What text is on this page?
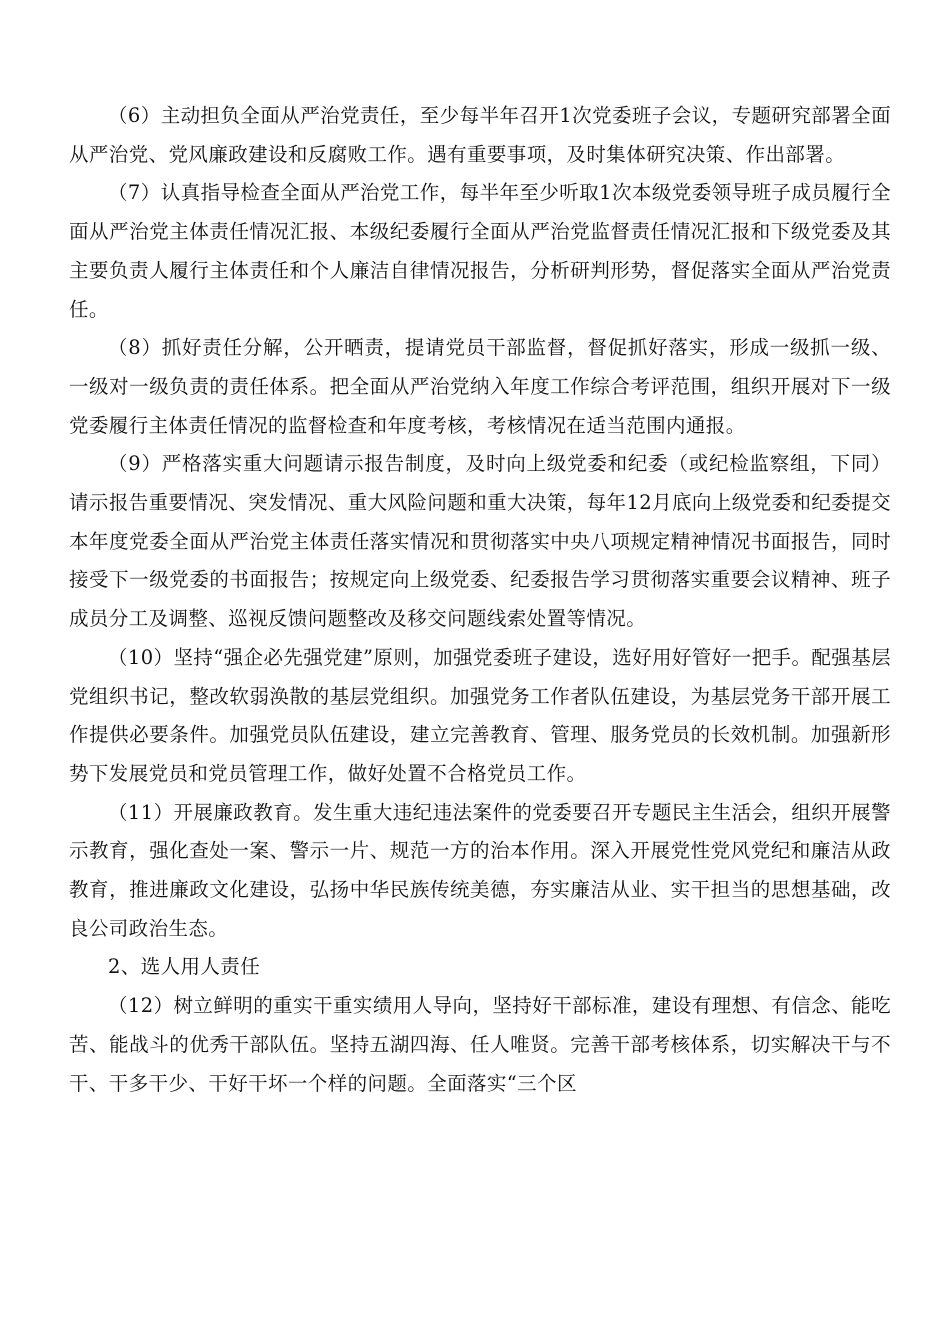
（6）主动担负全面从严治党责任，至少每半年召开1次党委班子会议，专题研究部署全面从严治党、党风廉政建设和反腐败工作。遇有重要事项，及时集体研究决策、作出部署。

（7）认真指导检查全面从严治党工作，每半年至少听取1次本级党委领导班子成员履行全面从严治党主体责任情况汇报、本级纪委履行全面从严治党监督责任情况汇报和下级党委及其主要负责人履行主体责任和个人廉洁自律情况报告，分析研判形势，督促落实全面从严治党责任。

（8）抓好责任分解，公开晒责，提请党员干部监督，督促抓好落实，形成一级抓一级、一级对一级负责的责任体系。把全面从严治党纳入年度工作综合考评范围，组织开展对下一级党委履行主体责任情况的监督检查和年度考核，考核情况在适当范围内通报。

（9）严格落实重大问题请示报告制度，及时向上级党委和纪委（或纪检监察组，下同）请示报告重要情况、突发情况、重大风险问题和重大决策，每年12月底向上级党委和纪委提交本年度党委全面从严治党主体责任落实情况和贯彻落实中央八项规定精神情况书面报告，同时接受下一级党委的书面报告；按规定向上级党委、纪委报告学习贯彻落实重要会议精神、班子成员分工及调整、巡视反馈问题整改及移交问题线索处置等情况。

（10）坚持“强企必先强党建”原则，加强党委班子建设，选好用好管好一把手。配强基层党组织书记，整改软弱涣散的基层党组织。加强党务工作者队伍建设，为基层党务干部开展工作提供必要条件。加强党员队伍建设，建立完善教育、管理、服务党员的长效机制。加强新形势下发展党员和党员管理工作，做好处置不合格党员工作。

（11）开展廉政教育。发生重大违纪违法案件的党委要召开专题民主生活会，组织开展警示教育，强化查处一案、警示一片、规范一方的治本作用。深入开展党性党风党纪和廉洁从政教育，推进廉政文化建设，弘扬中华民族传统美德，夯实廉洁从业、实干担当的思想基础，改良公司政治生态。

2、选人用人责任

（12）树立鲜明的重实干重实绩用人导向，坚持好干部标准，建设有理想、有信念、能吃苦、能战斗的优秀干部队伍。坚持五湖四海、任人唯贤。完善干部考核体系，切实解决干与不干、干多干少、干好干坏一个样的问题。全面落实“三个区
